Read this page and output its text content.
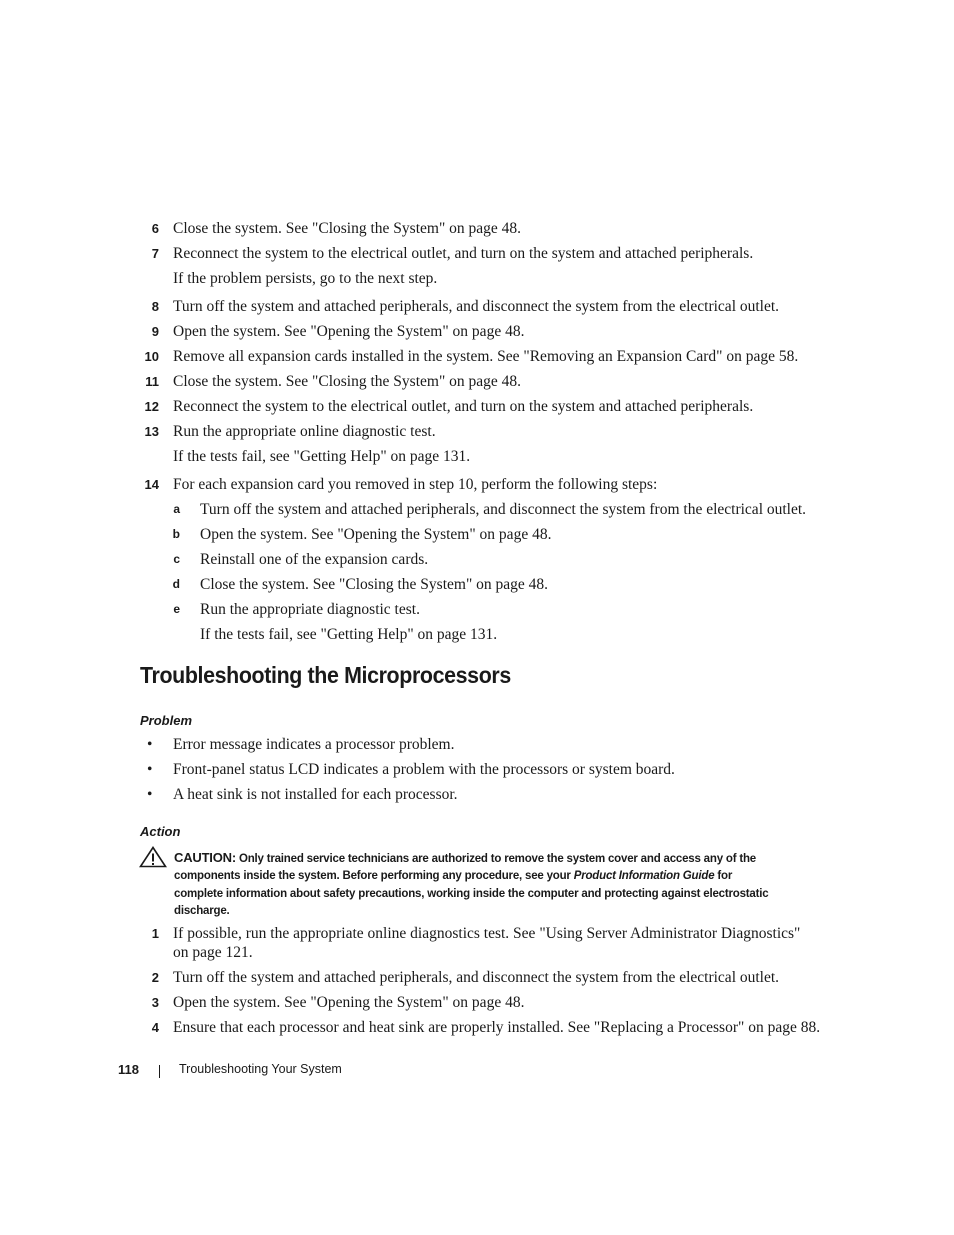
6 Close the system. See "Closing the System" on page 48.
7 Reconnect the system to the electrical outlet, and turn on the system and attached peripherals.
If the problem persists, go to the next step.
8 Turn off the system and attached peripherals, and disconnect the system from the electrical outlet.
9 Open the system. See "Opening the System" on page 48.
10 Remove all expansion cards installed in the system. See "Removing an Expansion Card" on page 58.
11 Close the system. See "Closing the System" on page 48.
12 Reconnect the system to the electrical outlet, and turn on the system and attached peripherals.
13 Run the appropriate online diagnostic test.
If the tests fail, see "Getting Help" on page 131.
14 For each expansion card you removed in step 10, perform the following steps:
a Turn off the system and attached peripherals, and disconnect the system from the electrical outlet.
b Open the system. See "Opening the System" on page 48.
c Reinstall one of the expansion cards.
d Close the system. See "Closing the System" on page 48.
e Run the appropriate diagnostic test.
If the tests fail, see "Getting Help" on page 131.
Troubleshooting the Microprocessors
Problem
• Error message indicates a processor problem.
• Front-panel status LCD indicates a problem with the processors or system board.
• A heat sink is not installed for each processor.
Action
CAUTION: Only trained service technicians are authorized to remove the system cover and access any of the
components inside the system. Before performing any procedure, see your Product Information Guide for
complete information about safety precautions, working inside the computer and protecting against electrostatic
discharge.
1 If possible, run the appropriate online diagnostics test. See "Using Server Administrator Diagnostics"
on page 121.
2 Turn off the system and attached peripherals, and disconnect the system from the electrical outlet.
3 Open the system. See "Opening the System" on page 48.
4 Ensure that each processor and heat sink are properly installed. See "Replacing a Processor" on page 88.
118	Troubleshooting Your System
